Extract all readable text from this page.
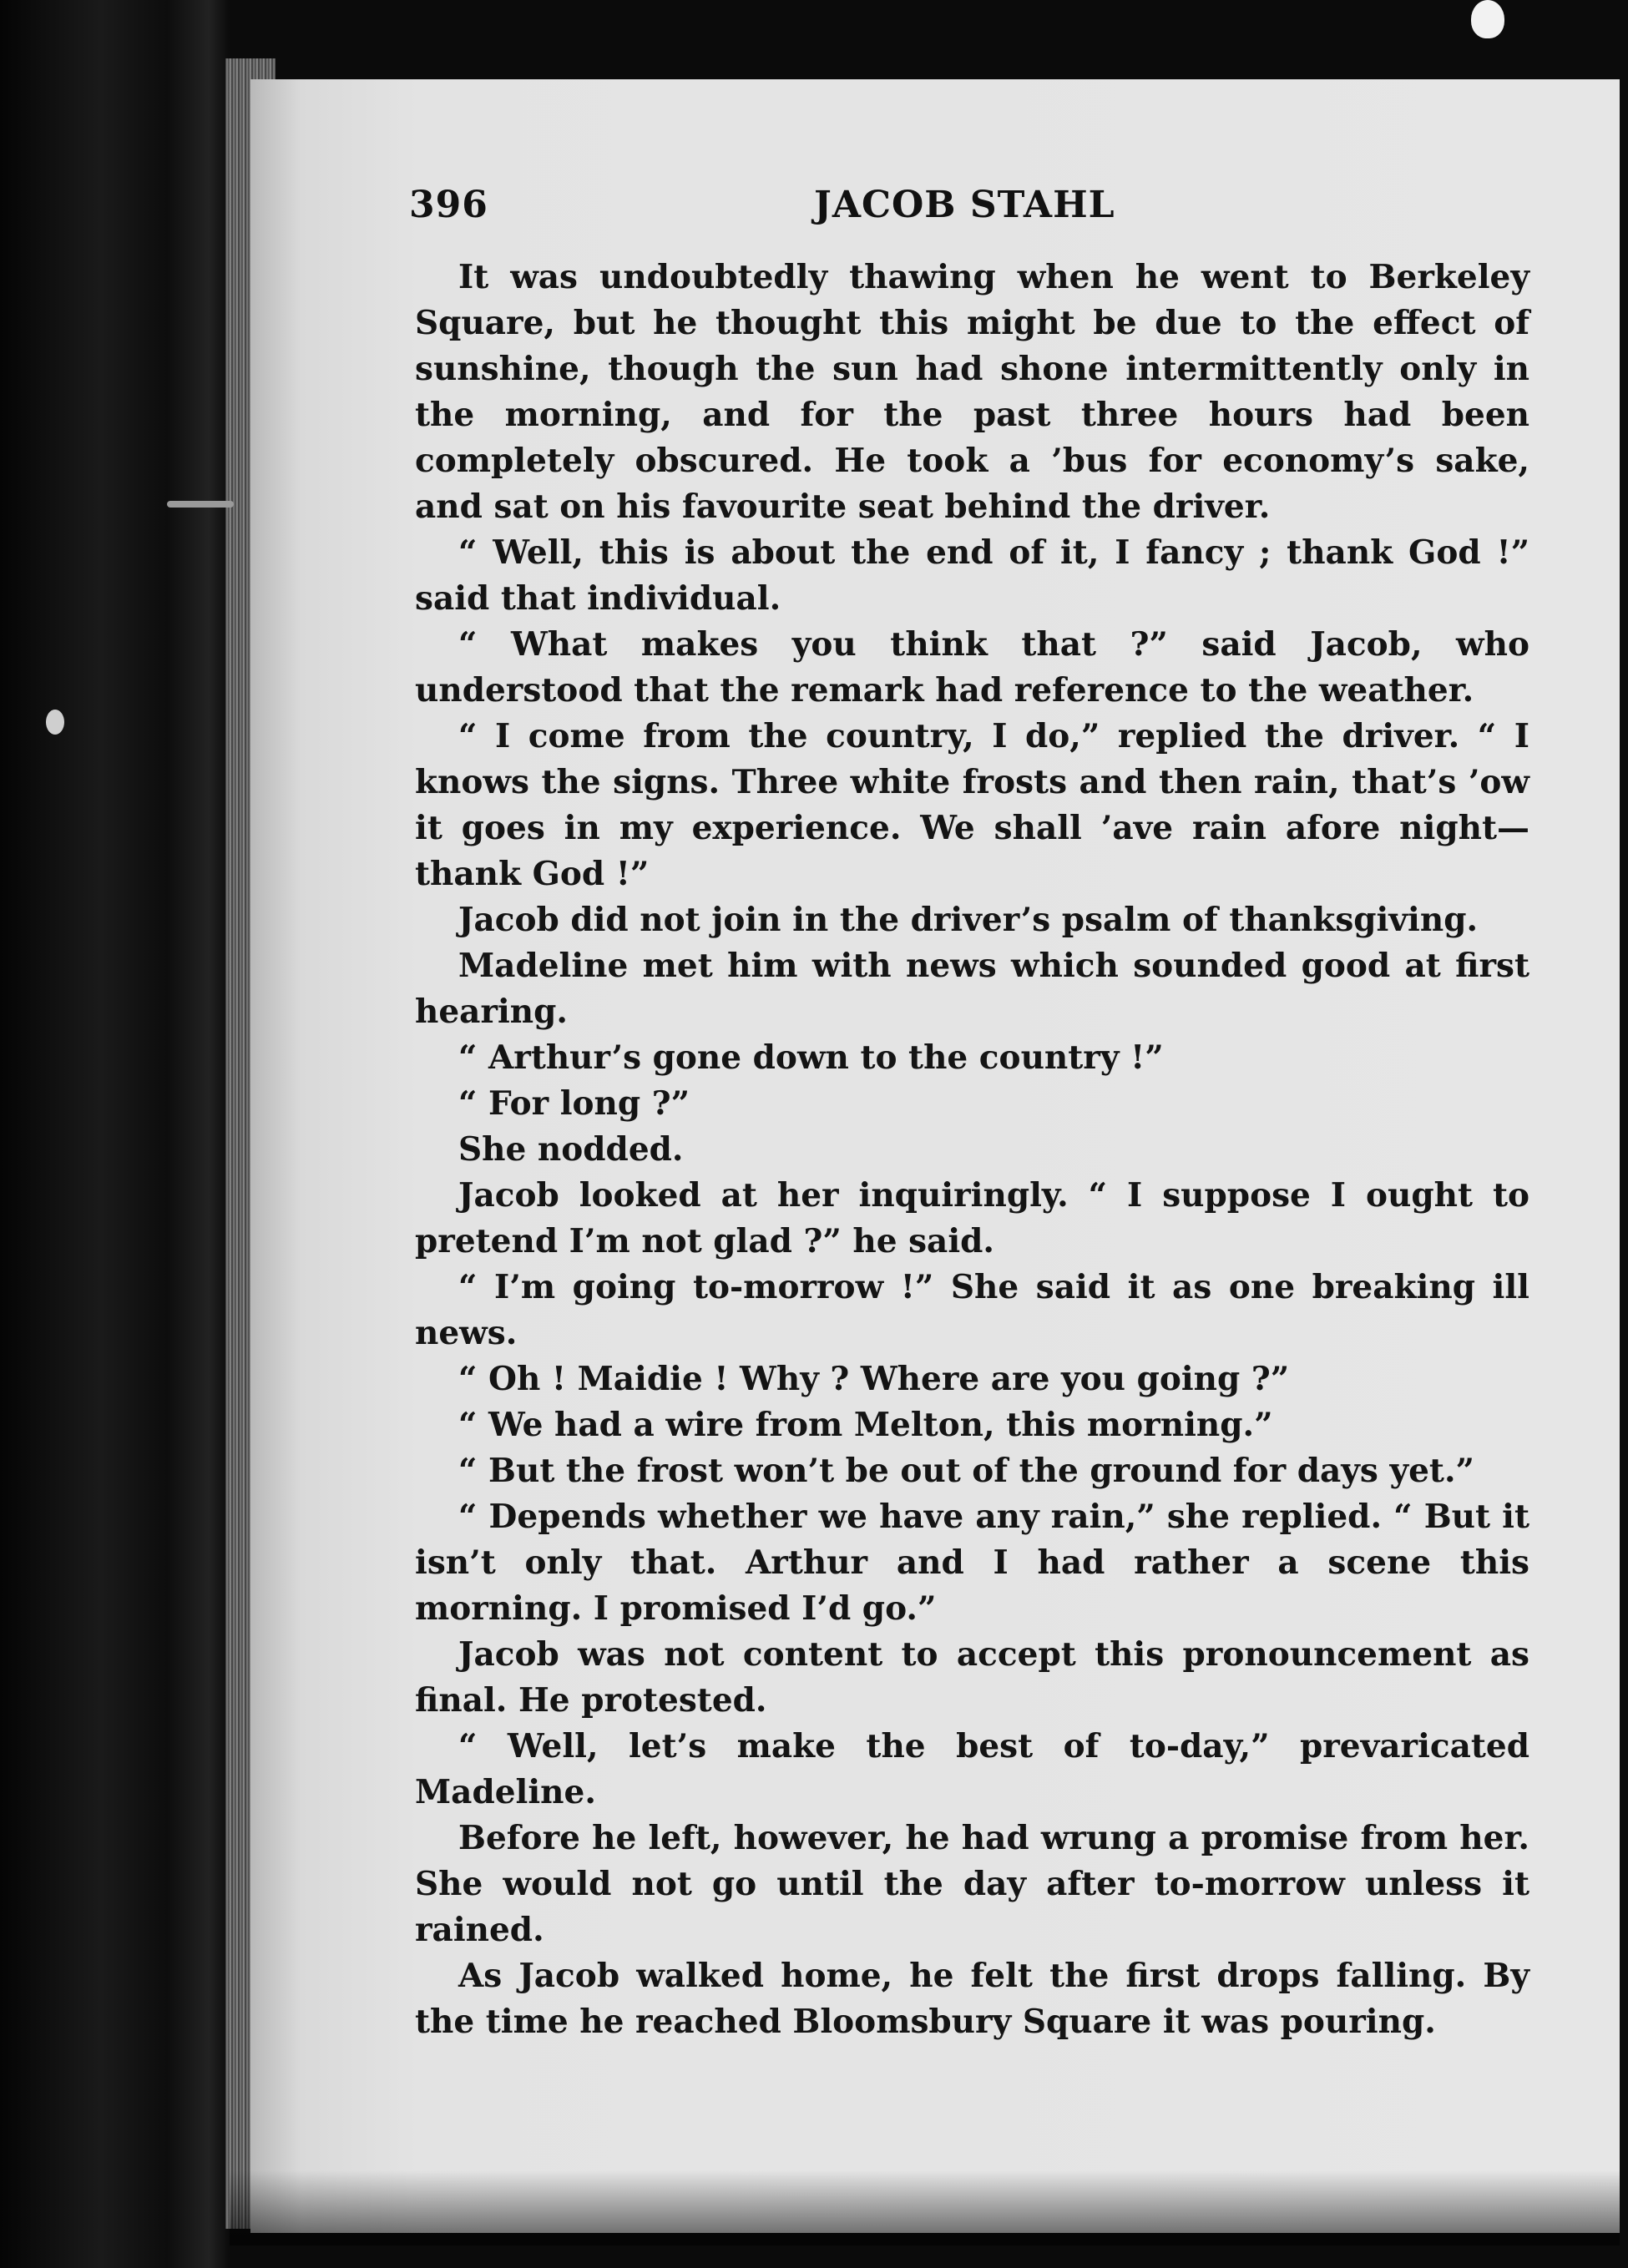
396	JACOB STAHL

It was undoubtedly thawing when he went to Berkeley Square, but he thought this might be due to the effect of sunshine, though the sun had shone intermittently only in the morning, and for the past three hours had been completely obscured. He took a ’bus for economy’s sake, and sat on his favourite seat behind the driver.

“ Well, this is about the end of it, I fancy ; thank God !” said that individual.

“ What makes you think that ?” said Jacob, who understood that the remark had reference to the weather.

“ I come from the country, I do,” replied the driver. “ I knows the signs. Three white frosts and then rain, that’s ’ow it goes in my experience. We shall ’ave rain afore night—thank God !”

Jacob did not join in the driver’s psalm of thanksgiving.

Madeline met him with news which sounded good at first hearing.

“ Arthur’s gone down to the country !”

“ For long ?”

She nodded.

Jacob looked at her inquiringly. “ I suppose I ought to pretend I’m not glad ?” he said.

“ I’m going to-morrow !” She said it as one breaking ill news.

“ Oh ! Maidie ! Why ? Where are you going ?”

“ We had a wire from Melton, this morning.”

“ But the frost won’t be out of the ground for days yet.”

“ Depends whether we have any rain,” she replied. “ But it isn’t only that. Arthur and I had rather a scene this morning. I promised I’d go.”

Jacob was not content to accept this pronouncement as final. He protested.

“ Well, let’s make the best of to-day,” prevaricated Madeline.

Before he left, however, he had wrung a promise from her. She would not go until the day after to-morrow unless it rained.

As Jacob walked home, he felt the first drops falling. By the time he reached Bloomsbury Square it was pouring.
